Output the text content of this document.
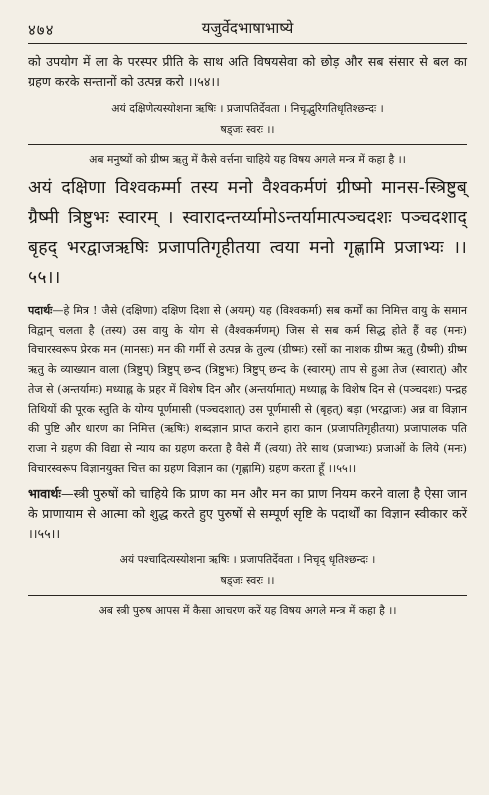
४७४	यजुर्वेदभाषाभाष्ये

को उपयोग में ला के परस्पर प्रीति के साथ अति विषयसेवा को छोड़ और सब संसार से बल का ग्रहण करके सन्तानों को उत्पन्न करो ।।५४।।

अयं दक्षिणेत्यस्योशना ऋषिः । प्रजापतिर्देवता । निचृद्भुरिगतिधृतिश्छन्दः ।

षड्जः स्वरः ।।

अब मनुष्यों को ग्रीष्म ऋतु में कैसे वर्त्तना चाहिये यह विषय अगले मन्त्र में कहा है ।।

अयं दक्षिणा विश्वकर्म्मा तस्य मनो वैश्वकर्मणं ग्रीष्मो मानस-स्त्रिष्टुब् ग्रैष्मी त्रिष्टुभः स्वारम् । स्वारादन्तर्य्यामोऽन्तर्यामात्पञ्चदशः पञ्चदशाद् बृहद् भरद्वाजऋषिः प्रजापतिगृहीतया त्वया मनो गृह्णामि प्रजाभ्यः ।।५५।।

पदार्थः—हे मित्र ! जैसे (दक्षिणा) दक्षिण दिशा से (अयम्) यह (विश्वकर्मा) सब कर्मों का निमित्त वायु के समान विद्वान् चलता है (तस्य) उस वायु के योग से (वैश्वकर्मणम्) जिस से सब कर्म सिद्ध होते हैं वह (मनः) विचारस्वरूप प्रेरक मन (मानसः) मन की गर्मी से उत्पन्न के तुल्य (ग्रीष्मः) रसों का नाशक ग्रीष्म ऋतु (ग्रैष्मी) ग्रीष्म ऋतु के व्याख्यान वाला (त्रिष्टुप्) त्रिष्टुप् छन्द (त्रिष्टुभः) त्रिष्टुप् छन्द के (स्वारम्) ताप से हुआ तेज (स्वारात्) और तेज से (अन्तर्यामः) मध्याह्न के प्रहर में विशेष दिन और (अन्तर्यामात्) मध्याह्न के विशेष दिन से (पञ्चदशः) पन्द्रह तिथियों की पूरक स्तुति के योग्य पूर्णमासी (पञ्चदशात्) उस पूर्णमासी से (बृहत्) बड़ा (भरद्वाजः) अन्न वा विज्ञान की पुष्टि और धारण का निमित्त (ऋषिः) शब्दज्ञान प्राप्त कराने हारा कान (प्रजापतिगृहीतया) प्रजापालक पति राजा ने ग्रहण की विद्या से न्याय का ग्रहण करता है वैसे मैं (त्वया) तेरे साथ (प्रजाभ्यः) प्रजाओं के लिये (मनः) विचारस्वरूप विज्ञानयुक्त चित्त का ग्रहण विज्ञान का (गृह्णामि) ग्रहण करता हूँ ।।५५।।

भावार्थः—स्त्री पुरुषों को चाहिये कि प्राण का मन और मन का प्राण नियम करने वाला है ऐसा जान के प्राणायाम से आत्मा को शुद्ध करते हुए पुरुषों से सम्पूर्ण सृष्टि के पदार्थों का विज्ञान स्वीकार करें ।।५५।।

अयं पश्चादित्यस्योशना ऋषिः । प्रजापतिर्देवता । निचृद् धृतिश्छन्दः ।

षड्जः स्वरः ।।

अब स्त्री पुरुष आपस में कैसा आचरण करें यह विषय अगले मन्त्र में कहा है ।।
